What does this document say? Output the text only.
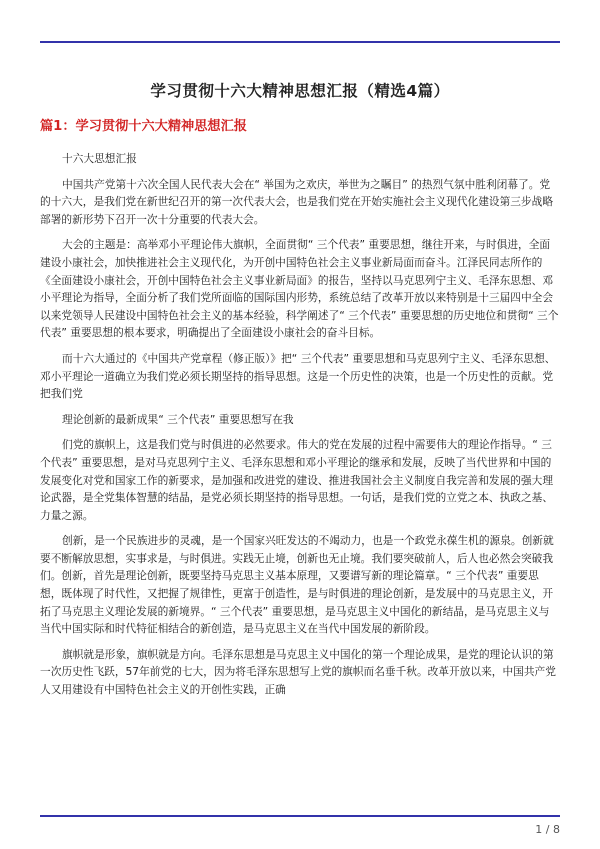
学习贯彻十六大精神思想汇报（精选4篇）
篇1：学习贯彻十六大精神思想汇报

十六大思想汇报

中国共产党第十六次全国人民代表大会在“ 举国为之欢庆，举世为之瞩目” 的热烈气氛中胜利闭幕了。党的十六大，是我们党在新世纪召开的第一次代表大会，也是我们党在开始实施社会主义现代化建设第三步战略部署的新形势下召开一次十分重要的代表大会。

大会的主题是：高举邓小平理论伟大旗帜，全面贯彻“ 三个代表” 重要思想，继往开来，与时俱进，全面建设小康社会，加快推进社会主义现代化，为开创中国特色社会主义事业新局面而奋斗。江泽民同志所作的《全面建设小康社会，开创中国特色社会主义事业新局面》的报告，坚持以马克思列宁主义、毛泽东思想、邓小平理论为指导，全面分析了我们党所面临的国际国内形势，系统总结了改革开放以来特别是十三届四中全会以来党领导人民建设中国特色社会主义的基本经验，科学阐述了“ 三个代表” 重要思想的历史地位和贯彻“ 三个代表” 重要思想的根本要求，明确提出了全面建设小康社会的奋斗目标。

而十六大通过的《中国共产党章程（修正版）》把“ 三个代表” 重要思想和马克思列宁主义、毛泽东思想、邓小平理论一道确立为我们党必须长期坚持的指导思想。这是一个历史性的决策，也是一个历史性的贡献。党把我们党

理论创新的最新成果“ 三个代表” 重要思想写在我

们党的旗帜上，这是我们党与时俱进的必然要求。伟大的党在发展的过程中需要伟大的理论作指导。“ 三个代表” 重要思想，是对马克思列宁主义、毛泽东思想和邓小平理论的继承和发展，反映了当代世界和中国的发展变化对党和国家工作的新要求，是加强和改进党的建设、推进我国社会主义制度自我完善和发展的强大理论武器，是全党集体智慧的结晶，是党必须长期坚持的指导思想。一句话，是我们党的立党之本、执政之基、力量之源。

创新，是一个民族进步的灵魂，是一个国家兴旺发达的不竭动力，也是一个政党永葆生机的源泉。创新就要不断解放思想，实事求是，与时俱进。实践无止境，创新也无止境。我们要突破前人，后人也必然会突破我们。创新，首先是理论创新，既要坚持马克思主义基本原理，又要谱写新的理论篇章。“ 三个代表” 重要思想，既体现了时代性，又把握了规律性，更富于创造性，是与时俱进的理论创新，是发展中的马克思主义，开拓了马克思主义理论发展的新境界。“ 三个代表” 重要思想，是马克思主义中国化的新结晶，是马克思主义与当代中国实际和时代特征相结合的新创造，是马克思主义在当代中国发展的新阶段。

旗帜就是形象，旗帜就是方向。毛泽东思想是马克思主义中国化的第一个理论成果，是党的理论认识的第一次历史性飞跃，57年前党的七大，因为将毛泽东思想写上党的旗帜而名垂千秋。改革开放以来，中国共产党人又用建设有中国特色社会主义的开创性实践，正确

1 / 8
